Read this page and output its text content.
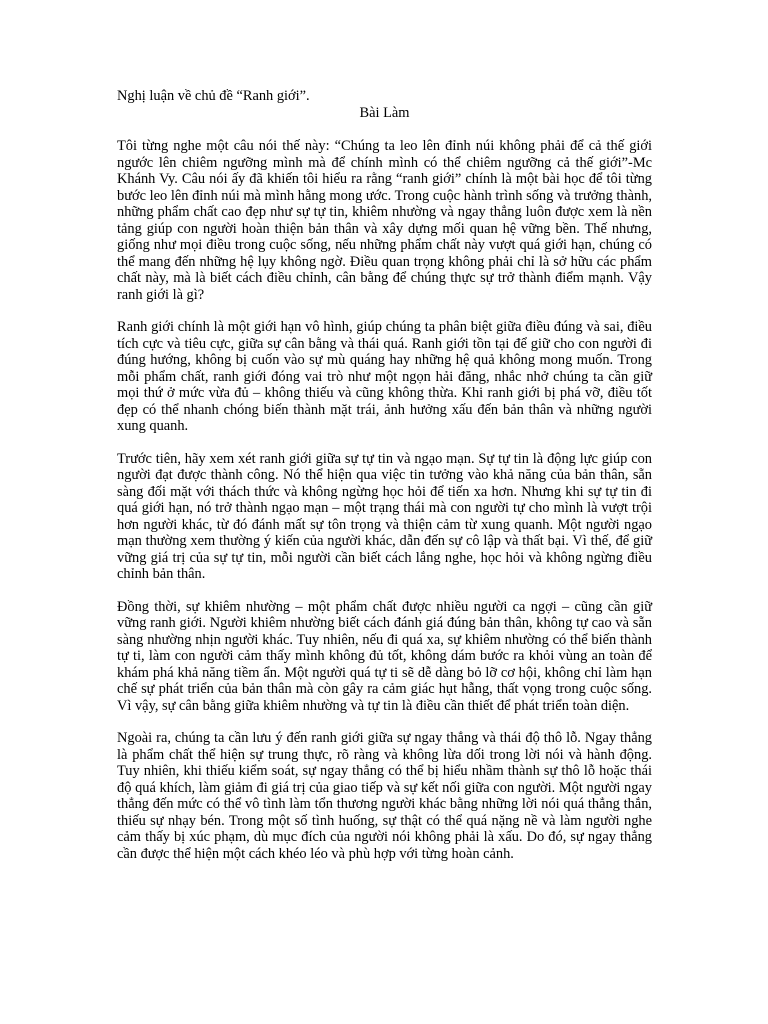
Nghị luận về chủ đề “Ranh giới”.

Bài Làm

Tôi từng nghe một câu nói thế này: “Chúng ta leo lên đỉnh núi không phải để cả thế giới ngước lên chiêm ngưỡng mình mà để chính mình có thể chiêm ngưỡng cả thế giới”-Mc Khánh Vy. Câu nói ấy đã khiến tôi hiểu ra rằng “ranh giới” chính là một bài học để tôi từng bước leo lên đỉnh núi mà mình hằng mong ước. Trong cuộc hành trình sống và trưởng thành, những phẩm chất cao đẹp như sự tự tin, khiêm nhường và ngay thẳng luôn được xem là nền tảng giúp con người hoàn thiện bản thân và xây dựng mối quan hệ vững bền. Thế nhưng, giống như mọi điều trong cuộc sống, nếu những phẩm chất này vượt quá giới hạn, chúng có thể mang đến những hệ lụy không ngờ. Điều quan trọng không phải chỉ là sở hữu các phẩm chất này, mà là biết cách điều chỉnh, cân bằng để chúng thực sự trở thành điểm mạnh. Vậy ranh giới là gì?

Ranh giới chính là một giới hạn vô hình, giúp chúng ta phân biệt giữa điều đúng và sai, điều tích cực và tiêu cực, giữa sự cân bằng và thái quá. Ranh giới tồn tại để giữ cho con người đi đúng hướng, không bị cuốn vào sự mù quáng hay những hệ quả không mong muốn. Trong mỗi phẩm chất, ranh giới đóng vai trò như một ngọn hải đăng, nhắc nhở chúng ta cần giữ mọi thứ ở mức vừa đủ – không thiếu và cũng không thừa. Khi ranh giới bị phá vỡ, điều tốt đẹp có thể nhanh chóng biến thành mặt trái, ảnh hưởng xấu đến bản thân và những người xung quanh.

Trước tiên, hãy xem xét ranh giới giữa sự tự tin và ngạo mạn. Sự tự tin là động lực giúp con người đạt được thành công. Nó thể hiện qua việc tin tưởng vào khả năng của bản thân, sẵn sàng đối mặt với thách thức và không ngừng học hỏi để tiến xa hơn. Nhưng khi sự tự tin đi quá giới hạn, nó trở thành ngạo mạn – một trạng thái mà con người tự cho mình là vượt trội hơn người khác, từ đó đánh mất sự tôn trọng và thiện cảm từ xung quanh. Một người ngạo mạn thường xem thường ý kiến của người khác, dẫn đến sự cô lập và thất bại. Vì thế, để giữ vững giá trị của sự tự tin, mỗi người cần biết cách lắng nghe, học hỏi và không ngừng điều chỉnh bản thân.

Đồng thời, sự khiêm nhường – một phẩm chất được nhiều người ca ngợi – cũng cần giữ vững ranh giới. Người khiêm nhường biết cách đánh giá đúng bản thân, không tự cao và sẵn sàng nhường nhịn người khác. Tuy nhiên, nếu đi quá xa, sự khiêm nhường có thể biến thành tự ti, làm con người cảm thấy mình không đủ tốt, không dám bước ra khỏi vùng an toàn để khám phá khả năng tiềm ẩn. Một người quá tự ti sẽ dễ dàng bỏ lỡ cơ hội, không chỉ làm hạn chế sự phát triển của bản thân mà còn gây ra cảm giác hụt hẫng, thất vọng trong cuộc sống. Vì vậy, sự cân bằng giữa khiêm nhường và tự tin là điều cần thiết để phát triển toàn diện.

Ngoài ra, chúng ta cần lưu ý đến ranh giới giữa sự ngay thẳng và thái độ thô lỗ. Ngay thẳng là phẩm chất thể hiện sự trung thực, rõ ràng và không lừa dối trong lời nói và hành động. Tuy nhiên, khi thiếu kiểm soát, sự ngay thẳng có thể bị hiểu nhầm thành sự thô lỗ hoặc thái độ quá khích, làm giảm đi giá trị của giao tiếp và sự kết nối giữa con người. Một người ngay thẳng đến mức có thể vô tình làm tổn thương người khác bằng những lời nói quá thẳng thắn, thiếu sự nhạy bén. Trong một số tình huống, sự thật có thể quá nặng nề và làm người nghe cảm thấy bị xúc phạm, dù mục đích của người nói không phải là xấu. Do đó, sự ngay thẳng cần được thể hiện một cách khéo léo và phù hợp với từng hoàn cảnh.
